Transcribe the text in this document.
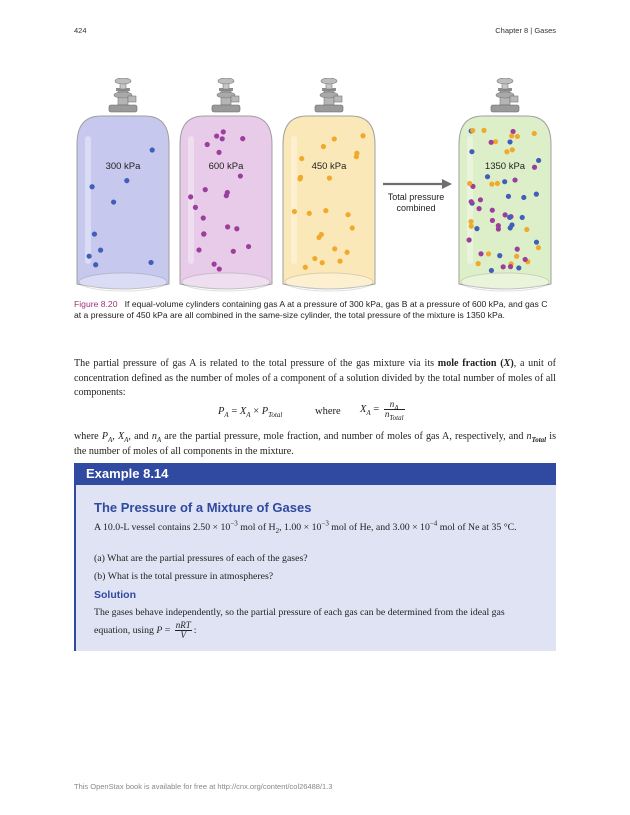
424	Chapter 8 | Gases
300 kPa	600 kPa	450 kPa	1350 kPa
Total pressure
combined
Figure 8.20 If equal-volume cylinders containing gas A at a pressure of 300 kPa, gas B at a pressure of 600 kPa, and gas C at a pressure of 450 kPa are all combined in the same-size cylinder, the total pressure of the mixture is 1350 kPa.
The partial pressure of gas A is related to the total pressure of the gas mixture via its mole fraction (X), a unit of concentration defined as the number of moles of a component of a solution divided by the total number of moles of all components:
$P_A = X_A \times P_{Total}$	where $X_A = \frac{n_A}{n_{Total}}$
where $P_A$, $X_A$, and $n_A$ are the partial pressure, mole fraction, and number of moles of gas A, respectively, and $n_{Total}$ is the number of moles of all components in the mixture.
Example 8.14
The Pressure of a Mixture of Gases
A 10.0-L vessel contains $2.50 \times 10^{-3}$ mol of $H_2$, $1.00 \times 10^{-3}$ mol of He, and $3.00 \times 10^{-4}$ mol of Ne at 35 °C.
(a) What are the partial pressures of each of the gases?
(b) What is the total pressure in atmospheres?
Solution
The gases behave independently, so the partial pressure of each gas can be determined from the ideal gas equation, using $P = \frac{\text{nRT}}{V}$ :
This OpenStax book is available for free at http://cnx.org/content/col26488/1.3
